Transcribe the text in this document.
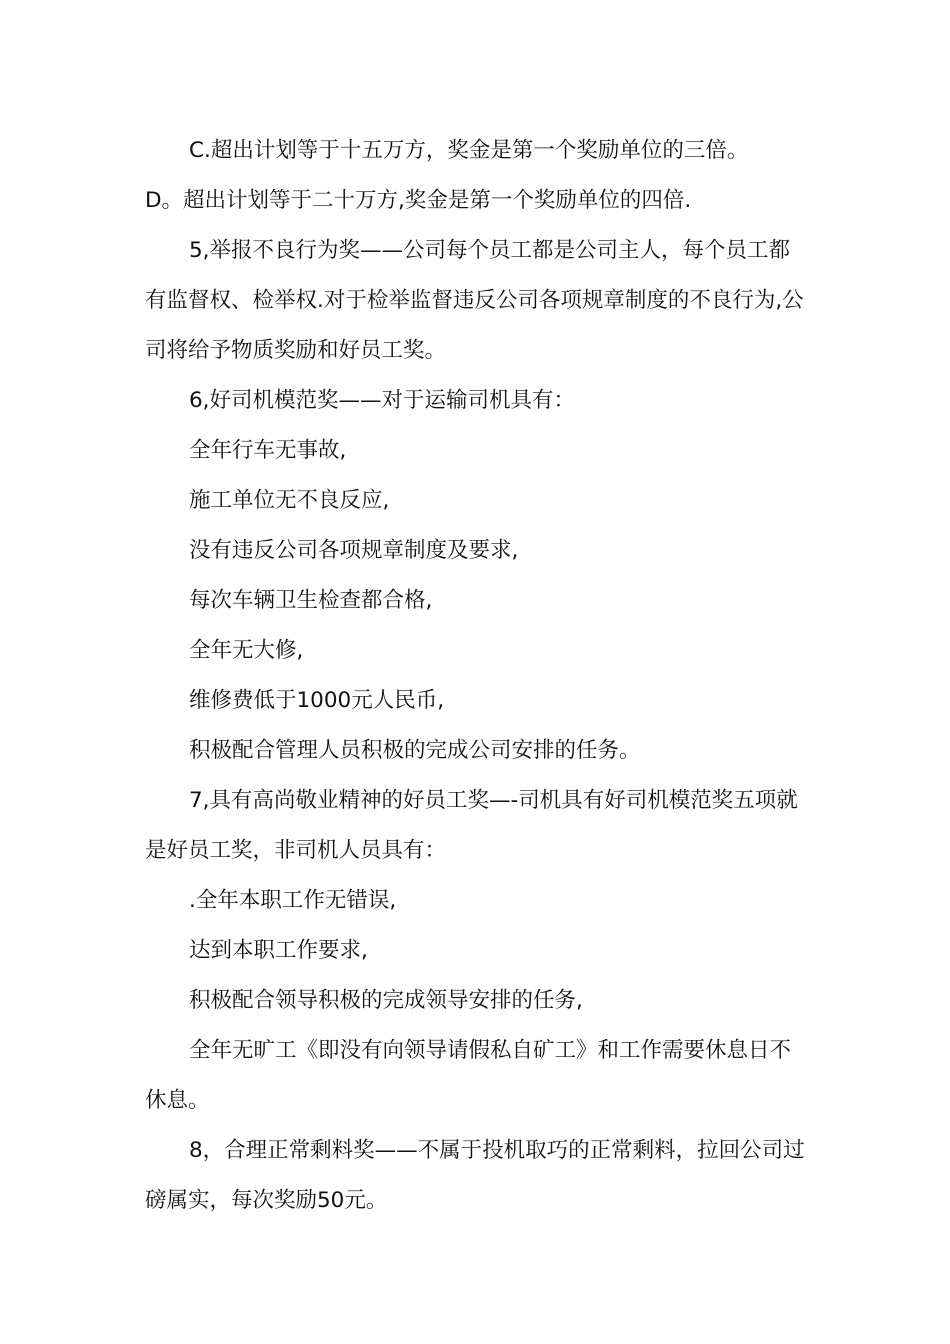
C.超出计划等于十五万方，奖金是第一个奖励单位的三倍。

D。超出计划等于二十万方,奖金是第一个奖励单位的四倍.

5,举报不良行为奖——公司每个员工都是公司主人，每个员工都有监督权、检举权.对于检举监督违反公司各项规章制度的不良行为,公司将给予物质奖励和好员工奖。

6,好司机模范奖——对于运输司机具有：

全年行车无事故,

施工单位无不良反应,

没有违反公司各项规章制度及要求,

每次车辆卫生检查都合格,

全年无大修,

维修费低于1000元人民币,

积极配合管理人员积极的完成公司安排的任务。

7,具有高尚敬业精神的好员工奖—-司机具有好司机模范奖五项就是好员工奖，非司机人员具有：

.全年本职工作无错误,

达到本职工作要求,

积极配合领导积极的完成领导安排的任务,

全年无旷工《即没有向领导请假私自矿工》和工作需要休息日不休息。

8，合理正常剩料奖——不属于投机取巧的正常剩料，拉回公司过磅属实，每次奖励50元。
